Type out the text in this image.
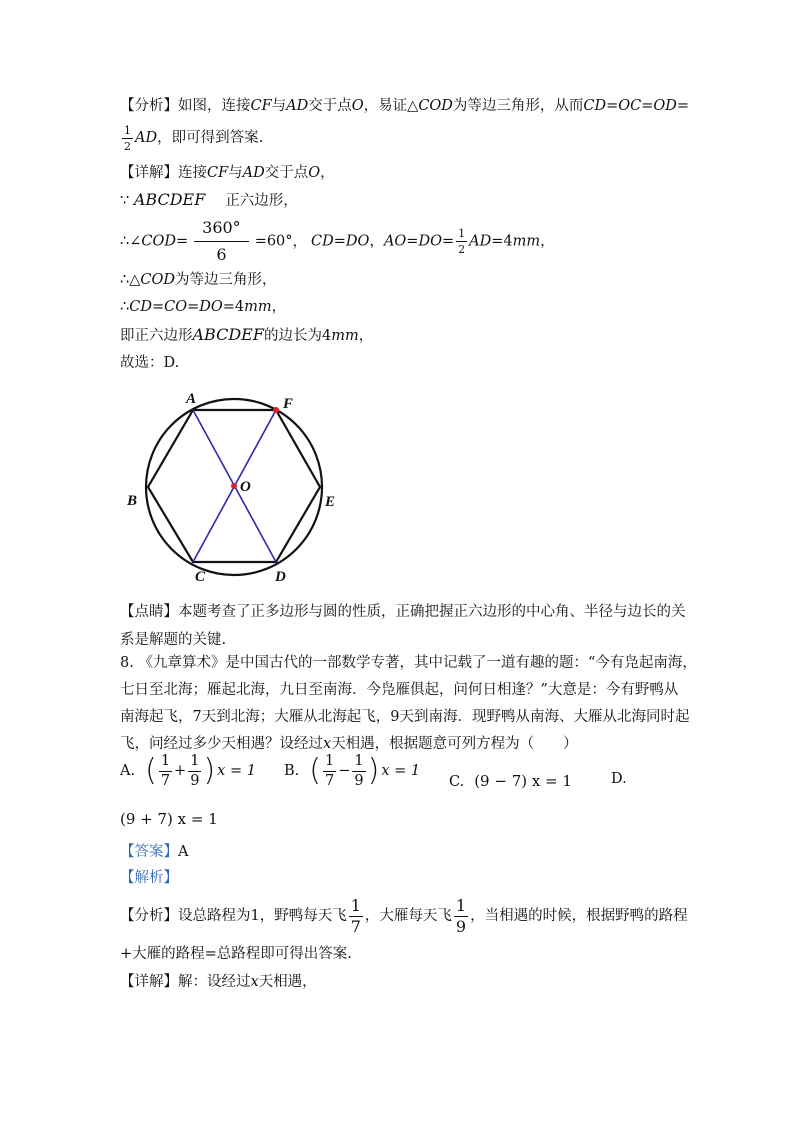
【分析】如图，连接CF与AD交于点O，易证△COD为等边三角形，从而CD=OC=OD=
$\frac{1}{2}$ AD，即可得到答案.
【详解】连接CF与AD交于点O，
∵ ABCDEF 正六边形，
∴∠COD= $\frac{360^\circ}{6} =60^\circ$， CD=DO，$AO=DO= \frac{1}{2} AD=4mm$，
∴△COD为等边三角形，
∴CD=CO=DO=4mm，
即正六边形ABCDEF的边长为4mm，
故选：D.
A	F
B
O
E
C	D
【点睛】本题考查了正多边形与圆的性质，正确把握正六边形的中心角、半径与边长的关
系是解题的关键.
8. 《九章算术》是中国古代的一部数学专著，其中记载了一道有趣的题：“今有凫起南海，
七日至北海；雁起北海，九日至南海．今凫雁俱起，问何日相逢？”大意是：今有野鸭从
南海起飞，7天到北海；大雁从北海起飞，9天到南海．现野鸭从南海、大雁从北海同时起
飞，问经过多少天相遇？设经过x天相遇，根据题意可列方程为（　　）
A. ( $\frac{1}{7} + \frac{1}{9}$ ) x = 1 B. ( $\frac{1}{7} - \frac{1}{9}$ ) x = 1
C. (9 − 7) x = 1	D.
(9 + 7) x = 1
【答案】A
【解析】
【分析】设总路程为1，野鸭每天飞 $\frac{1}{7}$ ，大雁每天飞 $\frac{1}{9}$ ，当相遇的时候，根据野鸭的路程
+大雁的路程=总路程即可得出答案.
【详解】解：设经过x天相遇，
